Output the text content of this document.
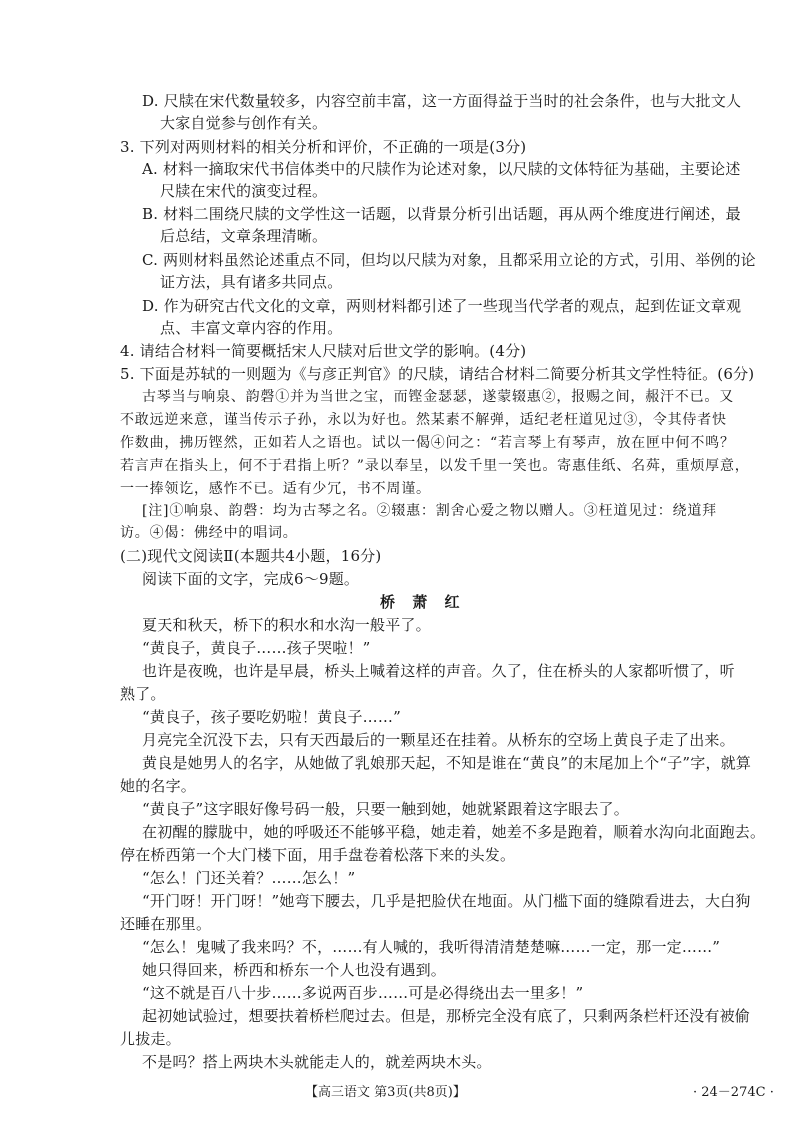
D. 尺牍在宋代数量较多，内容空前丰富，这一方面得益于当时的社会条件，也与大批文人
大家自觉参与创作有关。
3. 下列对两则材料的相关分析和评价，不正确的一项是(3分)
A. 材料一摘取宋代书信体类中的尺牍作为论述对象，以尺牍的文体特征为基础，主要论述
尺牍在宋代的演变过程。
B. 材料二围绕尺牍的文学性这一话题，以背景分析引出话题，再从两个维度进行阐述，最
后总结，文章条理清晰。
C. 两则材料虽然论述重点不同，但均以尺牍为对象，且都采用立论的方式，引用、举例的论
证方法，具有诸多共同点。
D. 作为研究古代文化的文章，两则材料都引述了一些现当代学者的观点，起到佐证文章观
点、丰富文章内容的作用。
4. 请结合材料一简要概括宋人尺牍对后世文学的影响。(4分)
5. 下面是苏轼的一则题为《与彦正判官》的尺牍，请结合材料二简要分析其文学性特征。(6分)
古琴当与响泉、韵磬①并为当世之宝，而铿金瑟瑟，遂蒙辍惠②，报赐之间，赧汗不已。又
不敢远逆来意，谨当传示子孙，永以为好也。然某素不解弹，适纪老枉道见过③，令其侍者快
作数曲，拂历铿然，正如若人之语也。试以一偈④问之：“若言琴上有琴声，放在匣中何不鸣？
若言声在指头上，何不于君指上听？”录以奉呈，以发千里一笑也。寄惠佳纸、名荈，重烦厚意，
一一捧领讫，感怍不已。适有少冗，书不周谨。
[注]①响泉、韵磬：均为古琴之名。②辍惠：割舍心爱之物以赠人。③枉道见过：绕道拜
访。④偈：佛经中的唱词。
(二)现代文阅读Ⅱ(本题共4小题，16分)
阅读下面的文字，完成6～9题。
桥 萧 红
夏天和秋天，桥下的积水和水沟一般平了。
“黄良子，黄良子……孩子哭啦！”
也许是夜晚，也许是早晨，桥头上喊着这样的声音。久了，住在桥头的人家都听惯了，听
熟了。
“黄良子，孩子要吃奶啦！黄良子……”
月亮完全沉没下去，只有天西最后的一颗星还在挂着。从桥东的空场上黄良子走了出来。
黄良是她男人的名字，从她做了乳娘那天起，不知是谁在“黄良”的末尾加上个“子”字，就算
她的名字。
“黄良子”这字眼好像号码一般，只要一触到她，她就紧跟着这字眼去了。
在初醒的朦胧中，她的呼吸还不能够平稳，她走着，她差不多是跑着，顺着水沟向北面跑去。
停在桥西第一个大门楼下面，用手盘卷着松落下来的头发。
“怎么！门还关着？……怎么！”
“开门呀！开门呀！”她弯下腰去，几乎是把脸伏在地面。从门槛下面的缝隙看进去，大白狗
还睡在那里。
“怎么！鬼喊了我来吗？不，……有人喊的，我听得清清楚楚嘛……一定，那一定……”
她只得回来，桥西和桥东一个人也没有遇到。
“这不就是百八十步……多说两百步……可是必得绕出去一里多！”
起初她试验过，想要扶着桥栏爬过去。但是，那桥完全没有底了，只剩两条栏杆还没有被偷
儿拔走。
不是吗？搭上两块木头就能走人的，就差两块木头。
【高三语文 第3页(共8页)】	· 24－274C ·
